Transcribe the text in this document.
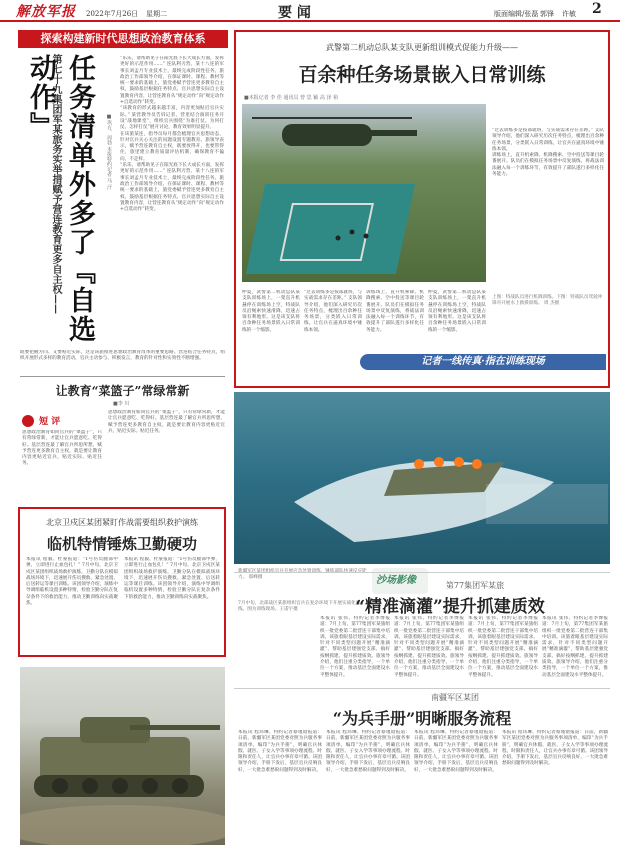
解放军报 2022年7月26日 星期二	要 闻	版面编辑/张磊 郭锋 许敏 2
探索构建新时代思想政治教育体系
第七十九集团军某旅务实举措赋予营连教育更多自主权—— 任务清单外多了『自选动作』
■巩方、周勃 本报特约记者 马 汗

“乐乐，请帮助见子在阳光底下长大成长方面，发挥更好的示范作用……” 连队利刃营、某十八连的军事长刘孟月专业技术士，最终完成阶段性任务。旅政治工作部领导介绍，在保证课时、课程、教材等统一要求的基础上，旅党委赋予营连更多教育自主权，鼓励基层根据任务特点、官兵思想实际自主设置教育内容，让营连教育从“规定动作”向“规定动作+自选动作”转变。

“该教育的形式越来越丰富，内容更加贴近官兵实际。” 某营教导员告诉记者，营里结合演训任务开设“战地课堂”，组织官兵围绕“为谁打仗、为何打仗、怎样打仗”展开讨论，教育效果明显提升。

在该旅某连，指导员每月都会梳理官兵思想动态，针对官兵关心关注的问题设置专题教育。旅领导表示，赋予营连教育自主权，既要放得开，也要管得住，旅里建立教育质量评估机制，确保教育不偏向、不走样。

“乐乐，请帮助见子在阳光底下长大成长方面，发挥更好的示范作用……” 连队利刃营、某十八连的军事长刘孟月专业技术士，最终完成阶段性任务。旅政治工作部领导介绍，在保证课时、课程、教材等统一要求的基础上，旅党委赋予营连更多教育自主权，鼓励基层根据任务特点、官兵思想实际自主设置教育内容，让营连教育从“规定动作”向“规定动作+自选动作”转变。

既要把握方向、又要贴近实际，这是该旅推进思想政治教育改革的重要思路。营连结合任务特点，组织开展形式多样的教育活动，官兵主动参与、积极发言，教育的针对性和实效性不断增强。
让教育“菜篮子”常绿常新
■李 川
短 评
思想政治教育如同官兵的“菜篮子”，只有常绿常新，才能让官兵愿意吃、吃得好。基层营连最了解官兵所思所想，赋予营连更多教育自主权，就是要让教育内容更贴近官兵、贴近实际、贴近任务。
思想政治教育如同官兵的“菜篮子”，只有常绿常新，才能让官兵愿意吃、吃得好。基层营连最了解官兵所思所想，赋予营连更多教育自主权，就是要让教育内容更贴近官兵、贴近实际、贴近任务。
北京卫戍区某团紧盯作战需要组织救护演练
临机特情锤炼卫勤硬功
本报讯 程毅、杜豪报道：“1号伤员腿部中弹，立即进行止血包扎！” 7月中旬，北京卫戍区某团组织战场救护演练，卫勤分队在模拟战场环境下，迅速展开伤员搜救、紧急处置、后送转运等课目训练。该团领导介绍，演练中导调组临机设置多种特情，检验卫勤分队在复杂条件下的救治能力，推动卫勤训练向实战聚焦。
本报讯 程毅、杜豪报道：“1号伤员腿部中弹，立即进行止血包扎！” 7月中旬，北京卫戍区某团组织战场救护演练，卫勤分队在模拟战场环境下，迅速展开伤员搜救、紧急处置、后送转运等课目训练。该团领导介绍，演练中导调组临机设置多种特情，检验卫勤分队在复杂条件下的救治能力，推动卫勤训练向实战聚焦。
武警第二机动总队某支队更新组训模式促能力升级——
百余种任务场景嵌入日常训练
■本报记者 李 佳 通讯员 曾 思 颖 高 泽 裕

“过去训练多是按部就班，与实战需求存在差距。” 支队领导介绍，他们深入研究历次任务特点，梳理出百余种任务场景，分类嵌入日常训练，让官兵在逼真环境中锤炼本领。

训练场上，直升机索降、机降搜索、空中投送等课目轮番展开。队员们在模拟任务场景中反复演练，将战法训法融入每一个训练环节，有效提升了部队遂行多样化任务能力。

上图：特战队员进行机降训练。下图：特战队员驾驶冲锋舟开展水上救援训练。 周 杰摄
仲夏，武警第二机动总队某支队训练场上，一架直升机悬停在训练场上空，特战队员沿绳索快速滑降，迅速占领有利地形。这是该支队将百余种任务场景嵌入日常训练的一个缩影。
“过去训练多是按部就班，与实战需求存在差距。” 支队领导介绍，他们深入研究历次任务特点，梳理出百余种任务场景，分类嵌入日常训练，让官兵在逼真环境中锤炼本领。
训练场上，直升机索降、机降搜索、空中投送等课目轮番展开。队员们在模拟任务场景中反复演练，将战法训法融入每一个训练环节，有效提升了部队遂行多样化任务能力。
仲夏，武警第二机动总队某支队训练场上，一架直升机悬停在训练场上空，特战队员沿绳索快速滑降，迅速占领有利地形。这是该支队将百余种任务场景嵌入日常训练的一个缩影。
记者一线传真·指在训练现场
力。 邵峰摄	沙场影像
7月中旬，北部战区某旅组织官兵在复杂环境下开展实战化训练。图为训练现场。王诺宇摄
第77集团军某旅
“精准滴灌”提升抓建质效
本报讯 张伟、特约记者李博报道：7月上旬，第77集团军某旅组织一批党委第二批营连干部集中培训。该旅着眼基层建设实际需求，针对不同类型问题开展“精准滴灌”，帮助基层建强党支部、搞好按纲抓建、提升抓建质效。旅领导介绍，他们注重分类指导，一个单位一个方案，推动基层全面建设水平整体提升。
本报讯 张伟、特约记者李博报道：7月上旬，第77集团军某旅组织一批党委第二批营连干部集中培训。该旅着眼基层建设实际需求，针对不同类型问题开展“精准滴灌”，帮助基层建强党支部、搞好按纲抓建、提升抓建质效。旅领导介绍，他们注重分类指导，一个单位一个方案，推动基层全面建设水平整体提升。
本报讯 张伟、特约记者李博报道：7月上旬，第77集团军某旅组织一批党委第二批营连干部集中培训。该旅着眼基层建设实际需求，针对不同类型问题开展“精准滴灌”，帮助基层建强党支部、搞好按纲抓建、提升抓建质效。旅领导介绍，他们注重分类指导，一个单位一个方案，推动基层全面建设水平整体提升。
本报讯 张伟、特约记者李博报道：7月上旬，第77集团军某旅组织一批党委第二批营连干部集中培训。该旅着眼基层建设实际需求，针对不同类型问题开展“精准滴灌”，帮助基层建强党支部、搞好按纲抓建、提升抓建质效。旅领导介绍，他们注重分类指导，一个单位一个方案，推动基层全面建设水平整体提升。
南疆军区某团
“为兵手册”明晰服务流程
本报讯 程玮琳、特约记者蔡瑾锴报道：日前，新疆军区某团党委对照为兵服务事项清单，编印“为兵手册”，明确官兵休假、就医、子女入学等事项办理流程、时限和责任人，让官兵办事有章可循。该团领导介绍，手册下发后，基层官兵反响良好，一大批急难愁盼问题得到及时解决。
本报讯 程玮琳、特约记者蔡瑾锴报道：日前，新疆军区某团党委对照为兵服务事项清单，编印“为兵手册”，明确官兵休假、就医、子女入学等事项办理流程、时限和责任人，让官兵办事有章可循。该团领导介绍，手册下发后，基层官兵反响良好，一大批急难愁盼问题得到及时解决。
本报讯 程玮琳、特约记者蔡瑾锴报道：日前，新疆军区某团党委对照为兵服务事项清单，编印“为兵手册”，明确官兵休假、就医、子女入学等事项办理流程、时限和责任人，让官兵办事有章可循。该团领导介绍，手册下发后，基层官兵反响良好，一大批急难愁盼问题得到及时解决。
本报讯 程玮琳、特约记者蔡瑾锴报道：日前，新疆军区某团党委对照为兵服务事项清单，编印“为兵手册”，明确官兵休假、就医、子女入学等事项办理流程、时限和责任人，让官兵办事有章可循。该团领导介绍，手册下发后，基层官兵反响良好，一大批急难愁盼问题得到及时解决。
